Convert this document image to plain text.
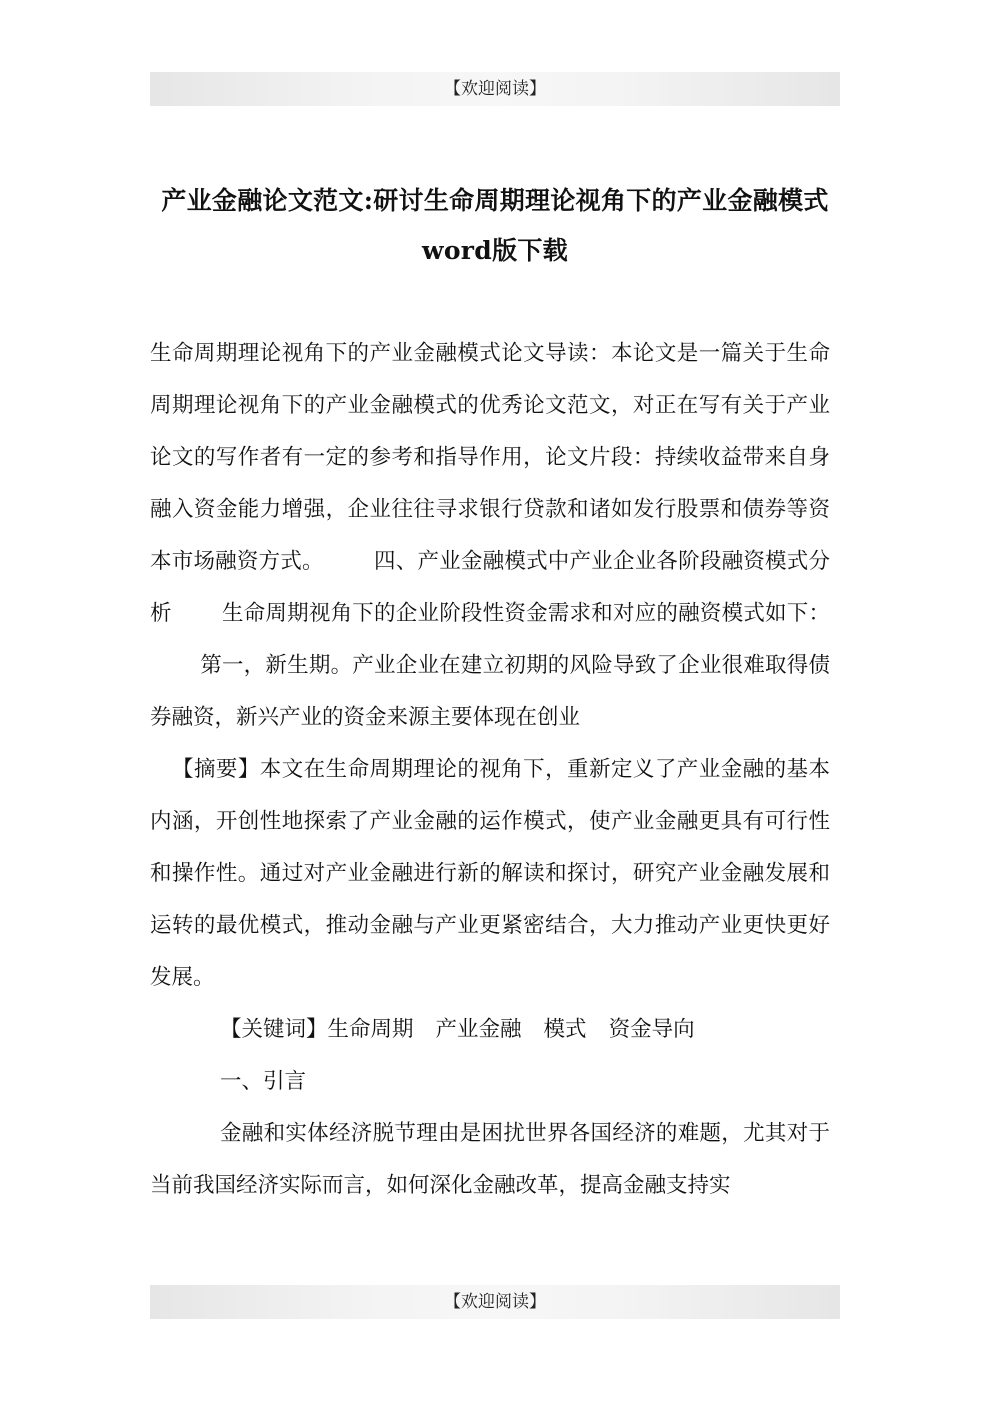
【欢迎阅读】
产业金融论文范文:研讨生命周期理论视角下的产业金融模式word版下载

生命周期理论视角下的产业金融模式论文导读：本论文是一篇关于生命周期理论视角下的产业金融模式的优秀论文范文，对正在写有关于产业论文的写作者有一定的参考和指导作用，论文片段：持续收益带来自身融入资金能力增强，企业往往寻求银行贷款和诸如发行股票和债券等资本市场融资方式。 四、产业金融模式中产业企业各阶段融资模式分析 生命周期视角下的企业阶段性资金需求和对应的融资模式如下：第一，新生期。产业企业在建立初期的风险导致了企业很难取得债券融资，新兴产业的资金来源主要体现在创业

【摘要】本文在生命周期理论的视角下，重新定义了产业金融的基本内涵，开创性地探索了产业金融的运作模式，使产业金融更具有可行性和操作性。通过对产业金融进行新的解读和探讨，研究产业金融发展和运转的最优模式，推动金融与产业更紧密结合，大力推动产业更快更好发展。

【关键词】生命周期 产业金融 模式 资金导向

一、引言

金融和实体经济脱节理由是困扰世界各国经济的难题，尤其对于当前我国经济实际而言，如何深化金融改革，提高金融支持实

【欢迎阅读】
